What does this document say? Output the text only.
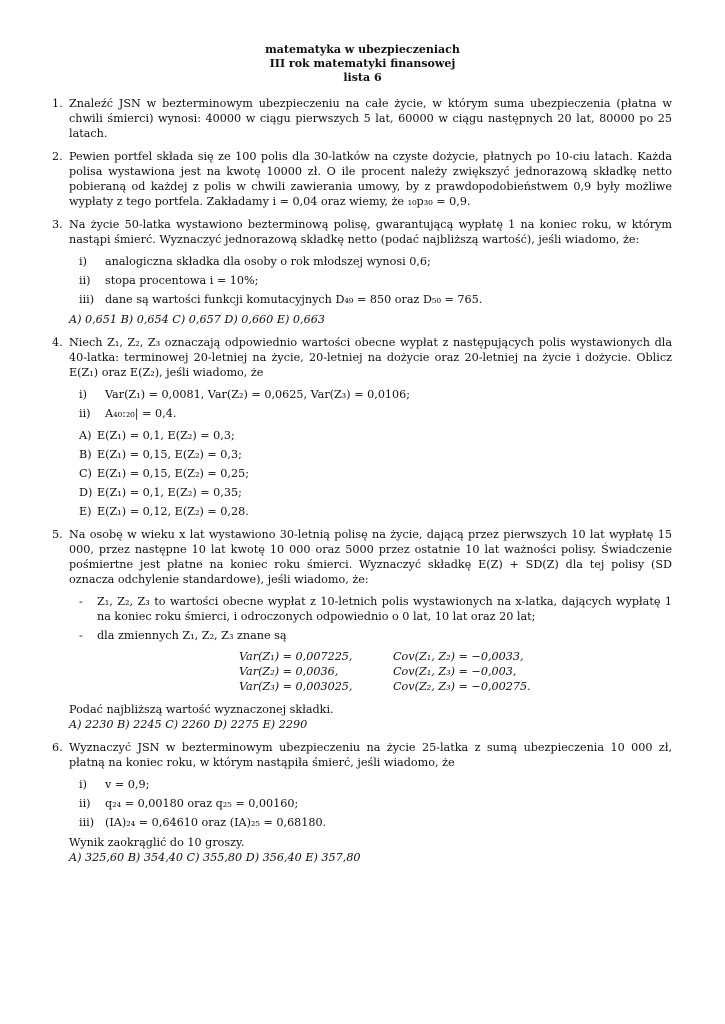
matematyka w ubezpieczeniach
III rok matematyki finansowej
lista 6
1. Znaleźć JSN w bezterminowym ubezpieczeniu na całe życie, w którym suma ubezpieczenia (płatna w chwili śmierci) wynosi: 40000 w ciągu pierwszych 5 lat, 60000 w ciągu następnych 20 lat, 80000 po 25 latach.
2. Pewien portfel składa się ze 100 polis dla 30-latków na czyste dożycie, płatnych po 10-ciu latach. Każda polisa wystawiona jest na kwotę 10000 zł. O ile procent należy zwiększyć jednorazową składkę netto pobieraną od każdej z polis w chwili zawierania umowy, by z prawdopodobieństwem 0,9 były możliwe wypłaty z tego portfela. Zakładamy i = 0,04 oraz wiemy, że ₁₀p₃₀ = 0,9.
3. Na życie 50-latka wystawiono bezterminową polisę, gwarantującą wypłatę 1 na koniec roku, w którym nastąpi śmierć. Wyznaczyć jednorazową składkę netto (podać najbliższą wartość), jeśli wiadomo, że:
i) analogiczna składka dla osoby o rok młodszej wynosi 0,6;
ii) stopa procentowa i = 10%;
iii) dane są wartości funkcji komutacyjnych D₄₉ = 850 oraz D₅₀ = 765.
A) 0,651 B) 0,654 C) 0,657 D) 0,660 E) 0,663
4. Niech Z₁, Z₂, Z₃ oznaczają odpowiednio wartości obecne wypłat z następujących polis wystawionych dla 40-latka: terminowej 20-letniej na życie, 20-letniej na dożycie oraz 20-letniej na życie i dożycie. Oblicz E(Z₁) oraz E(Z₂), jeśli wiadomo, że
i) Var(Z₁) = 0,0081, Var(Z₂) = 0,0625, Var(Z₃) = 0,0106;
ii) A₄₀:₂₀| = 0,4.
A) E(Z₁) = 0,1, E(Z₂) = 0,3;
B) E(Z₁) = 0,15, E(Z₂) = 0,3;
C) E(Z₁) = 0,15, E(Z₂) = 0,25;
D) E(Z₁) = 0,1, E(Z₂) = 0,35;
E) E(Z₁) = 0,12, E(Z₂) = 0,28.
5. Na osobę w wieku x lat wystawiono 30-letnią polisę na życie, dającą przez pierwszych 10 lat wypłatę 15 000, przez następne 10 lat kwotę 10 000 oraz 5000 przez ostatnie 10 lat ważności polisy. Świadczenie pośmiertne jest płatne na koniec roku śmierci. Wyznaczyć składkę E(Z) + SD(Z) dla tej polisy (SD oznacza odchylenie standardowe), jeśli wiadomo, że:
- Z₁, Z₂, Z₃ to wartości obecne wypłat z 10-letnich polis wystawionych na x-latka, dających wypłatę 1 na koniec roku śmierci, i odroczonych odpowiednio o 0 lat, 10 lat oraz 20 lat;
- dla zmiennych Z₁, Z₂, Z₃ znane są
Var(Z₁) = 0,007225,	Cov(Z₁, Z₂) = −0,0033,
Var(Z₂) = 0,0036,	Cov(Z₁, Z₃) = −0,003,
Var(Z₃) = 0,003025,	Cov(Z₂, Z₃) = −0,00275.
Podać najbliższą wartość wyznaczonej składki.
A) 2230 B) 2245 C) 2260 D) 2275 E) 2290
6. Wyznaczyć JSN w bezterminowym ubezpieczeniu na życie 25-latka z sumą ubezpieczenia 10 000 zł, płatną na koniec roku, w którym nastąpiła śmierć, jeśli wiadomo, że
i) v = 0,9;
ii) q₂₄ = 0,00180 oraz q₂₅ = 0,00160;
iii) (IA)₂₄ = 0,64610 oraz (IA)₂₅ = 0,68180.
Wynik zaokrąglić do 10 groszy.
A) 325,60 B) 354,40 C) 355,80 D) 356,40 E) 357,80
